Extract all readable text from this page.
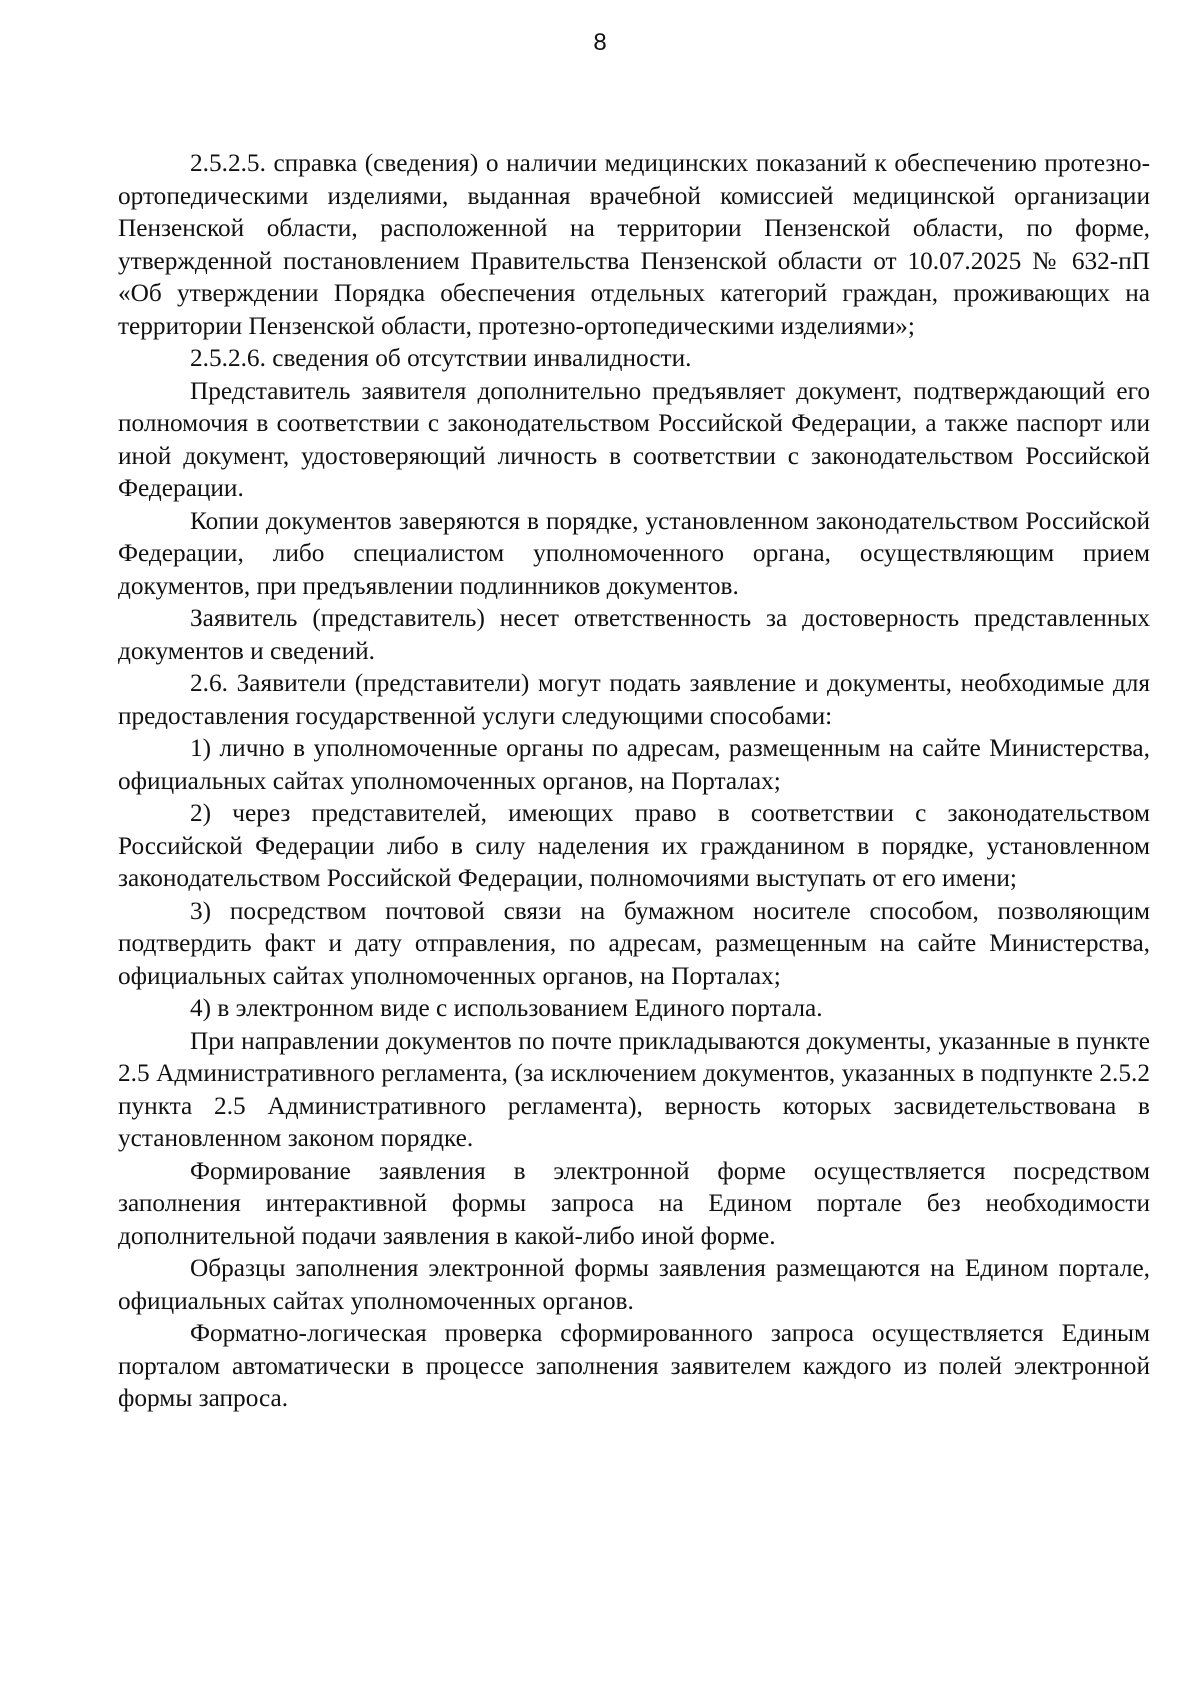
8

2.5.2.5. справка (сведения) о наличии медицинских показаний к обеспечению протезно-ортопедическими изделиями, выданная врачебной комиссией медицинской организации Пензенской области, расположенной на территории Пензенской области, по форме, утвержденной постановлением Правительства Пензенской области от 10.07.2025 № 632-пП «Об утверждении Порядка обеспечения отдельных категорий граждан, проживающих на территории Пензенской области, протезно-ортопедическими изделиями»;

2.5.2.6. сведения об отсутствии инвалидности.

Представитель заявителя дополнительно предъявляет документ, подтверждающий его полномочия в соответствии с законодательством Российской Федерации, а также паспорт или иной документ, удостоверяющий личность в соответствии с законодательством Российской Федерации.

Копии документов заверяются в порядке, установленном законодательством Российской Федерации, либо специалистом уполномоченного органа, осуществляющим прием документов, при предъявлении подлинников документов.

Заявитель (представитель) несет ответственность за достоверность представленных документов и сведений.

2.6. Заявители (представители) могут подать заявление и документы, необходимые для предоставления государственной услуги следующими способами:

1) лично в уполномоченные органы по адресам, размещенным на сайте Министерства, официальных сайтах уполномоченных органов, на Порталах;

2) через представителей, имеющих право в соответствии с законодательством Российской Федерации либо в силу наделения их гражданином в порядке, установленном законодательством Российской Федерации, полномочиями выступать от его имени;

3) посредством почтовой связи на бумажном носителе способом, позволяющим подтвердить факт и дату отправления, по адресам, размещенным на сайте Министерства, официальных сайтах уполномоченных органов, на Порталах;

4) в электронном виде с использованием Единого портала.

При направлении документов по почте прикладываются документы, указанные в пункте 2.5 Административного регламента, (за исключением документов, указанных в подпункте 2.5.2 пункта 2.5 Административного регламента), верность которых засвидетельствована в установленном законом порядке.

Формирование заявления в электронной форме осуществляется посредством заполнения интерактивной формы запроса на Едином портале без необходимости дополнительной подачи заявления в какой-либо иной форме.

Образцы заполнения электронной формы заявления размещаются на Едином портале, официальных сайтах уполномоченных органов.

Форматно-логическая проверка сформированного запроса осуществляется Единым порталом автоматически в процессе заполнения заявителем каждого из полей электронной формы запроса.
